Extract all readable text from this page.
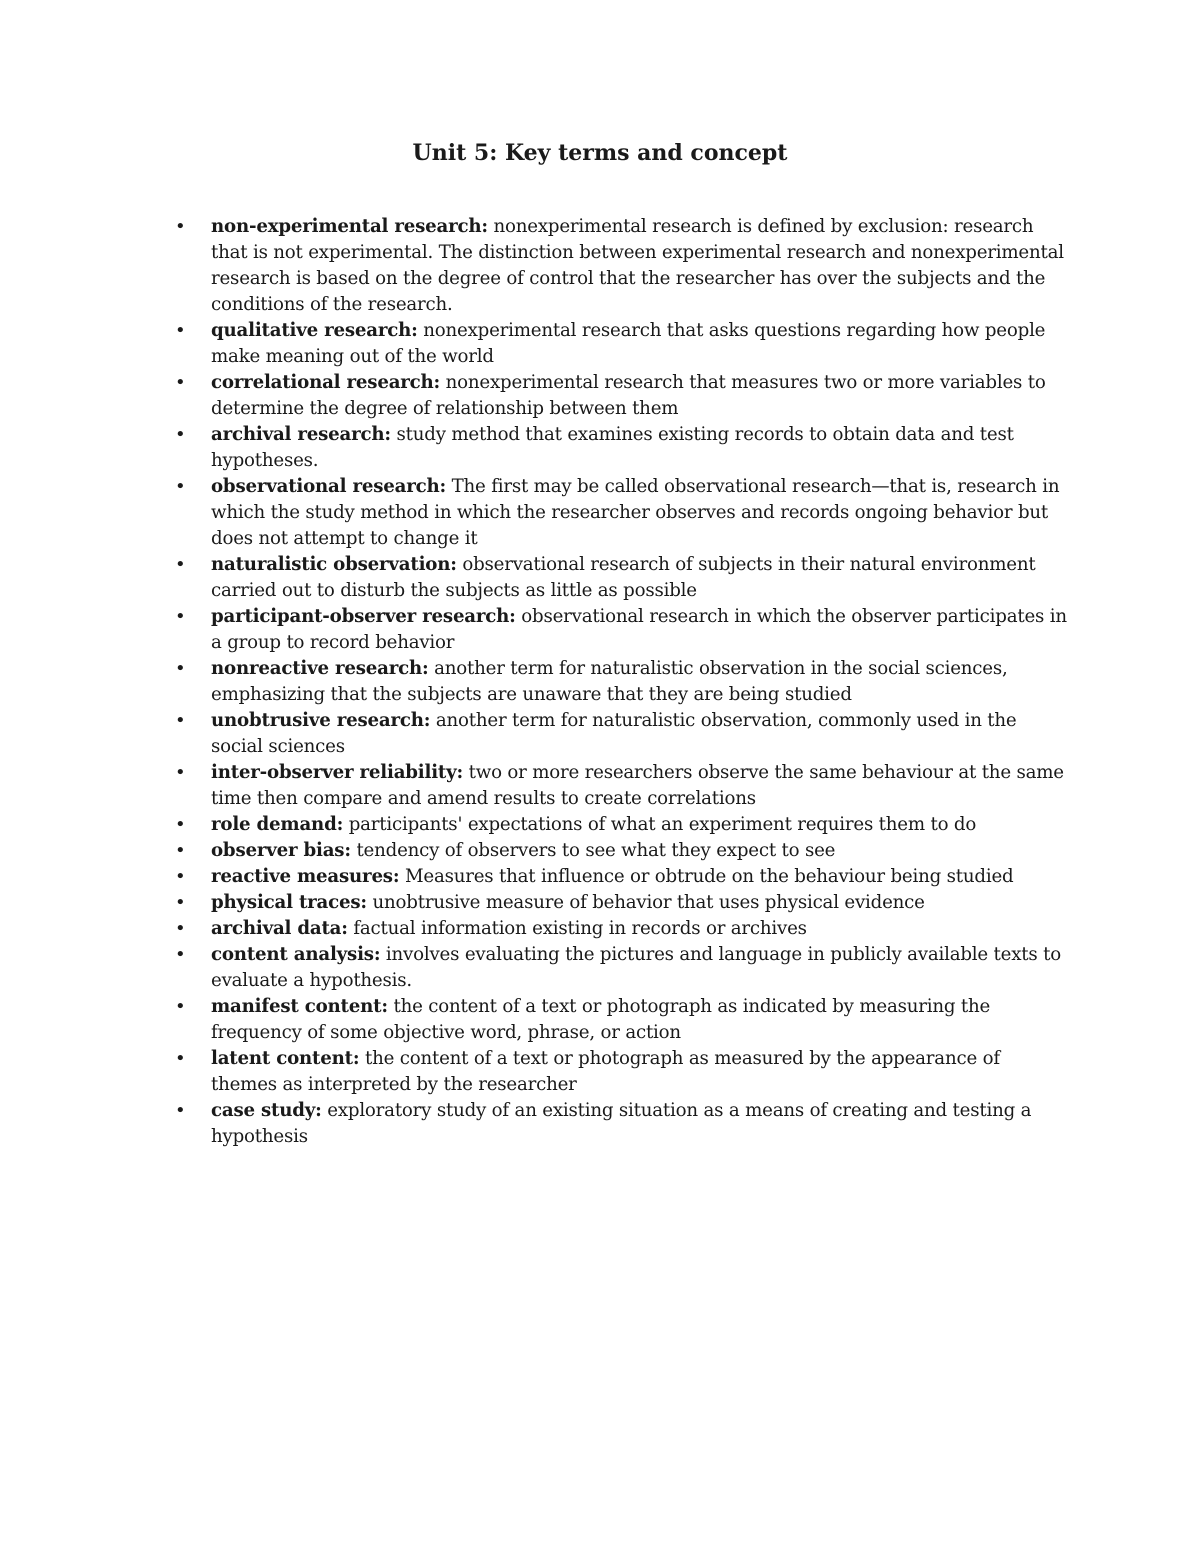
Unit 5: Key terms and concept
• non-experimental research: nonexperimental research is defined by exclusion: research that is not experimental. The distinction between experimental research and nonexperimental research is based on the degree of control that the researcher has over the subjects and the conditions of the research.
• qualitative research: nonexperimental research that asks questions regarding how people make meaning out of the world
• correlational research: nonexperimental research that measures two or more variables to determine the degree of relationship between them
• archival research: study method that examines existing records to obtain data and test hypotheses.
• observational research: The first may be called observational research—that is, research in which the study method in which the researcher observes and records ongoing behavior but does not attempt to change it
• naturalistic observation: observational research of subjects in their natural environment carried out to disturb the subjects as little as possible
• participant-observer research: observational research in which the observer participates in a group to record behavior
• nonreactive research: another term for naturalistic observation in the social sciences, emphasizing that the subjects are unaware that they are being studied
• unobtrusive research: another term for naturalistic observation, commonly used in the social sciences
• inter-observer reliability: two or more researchers observe the same behaviour at the same time then compare and amend results to create correlations
• role demand: participants' expectations of what an experiment requires them to do
• observer bias: tendency of observers to see what they expect to see
• reactive measures: Measures that influence or obtrude on the behaviour being studied
• physical traces: unobtrusive measure of behavior that uses physical evidence
• archival data: factual information existing in records or archives
• content analysis: involves evaluating the pictures and language in publicly available texts to evaluate a hypothesis.
• manifest content: the content of a text or photograph as indicated by measuring the frequency of some objective word, phrase, or action
• latent content: the content of a text or photograph as measured by the appearance of themes as interpreted by the researcher
• case study: exploratory study of an existing situation as a means of creating and testing a hypothesis
